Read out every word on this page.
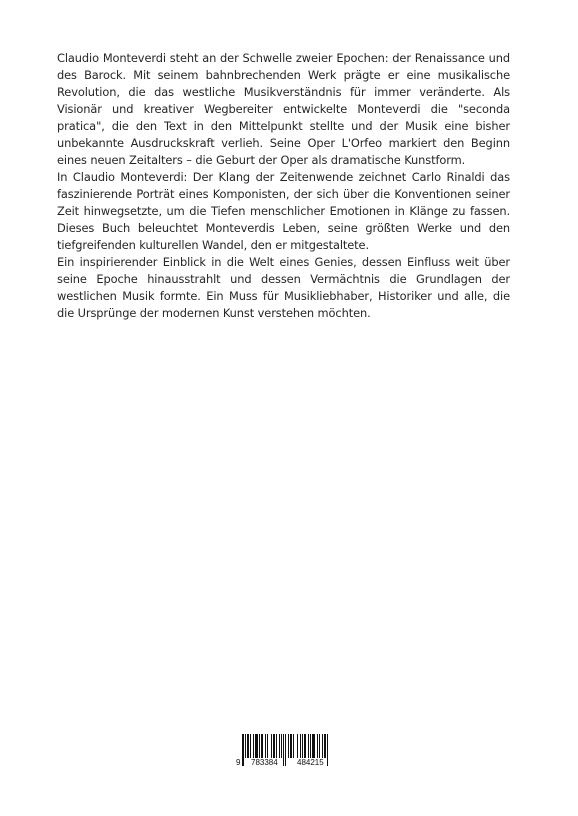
Claudio Monteverdi steht an der Schwelle zweier Epochen: der Renaissance und des Barock. Mit seinem bahnbrechenden Werk prägte er eine musikalische Revolution, die das westliche Musikverständnis für immer veränderte. Als Visionär und kreativer Wegbereiter entwickelte Monteverdi die "seconda pratica", die den Text in den Mittelpunkt stellte und der Musik eine bisher unbekannte Ausdruckskraft verlieh. Seine Oper L'Orfeo markiert den Beginn eines neuen Zeitalters – die Geburt der Oper als dramatische Kunstform.

In Claudio Monteverdi: Der Klang der Zeitenwende zeichnet Carlo Rinaldi das faszinierende Porträt eines Komponisten, der sich über die Konventionen seiner Zeit hinwegsetzte, um die Tiefen menschlicher Emotionen in Klänge zu fassen. Dieses Buch beleuchtet Monteverdis Leben, seine größten Werke und den tiefgreifenden kulturellen Wandel, den er mitgestaltete.

Ein inspirierender Einblick in die Welt eines Genies, dessen Einfluss weit über seine Epoche hinausstrahlt und dessen Vermächtnis die Grundlagen der westlichen Musik formte. Ein Muss für Musikliebhaber, Historiker und alle, die die Ursprünge der modernen Kunst verstehen möchten.

9 783384 484215
